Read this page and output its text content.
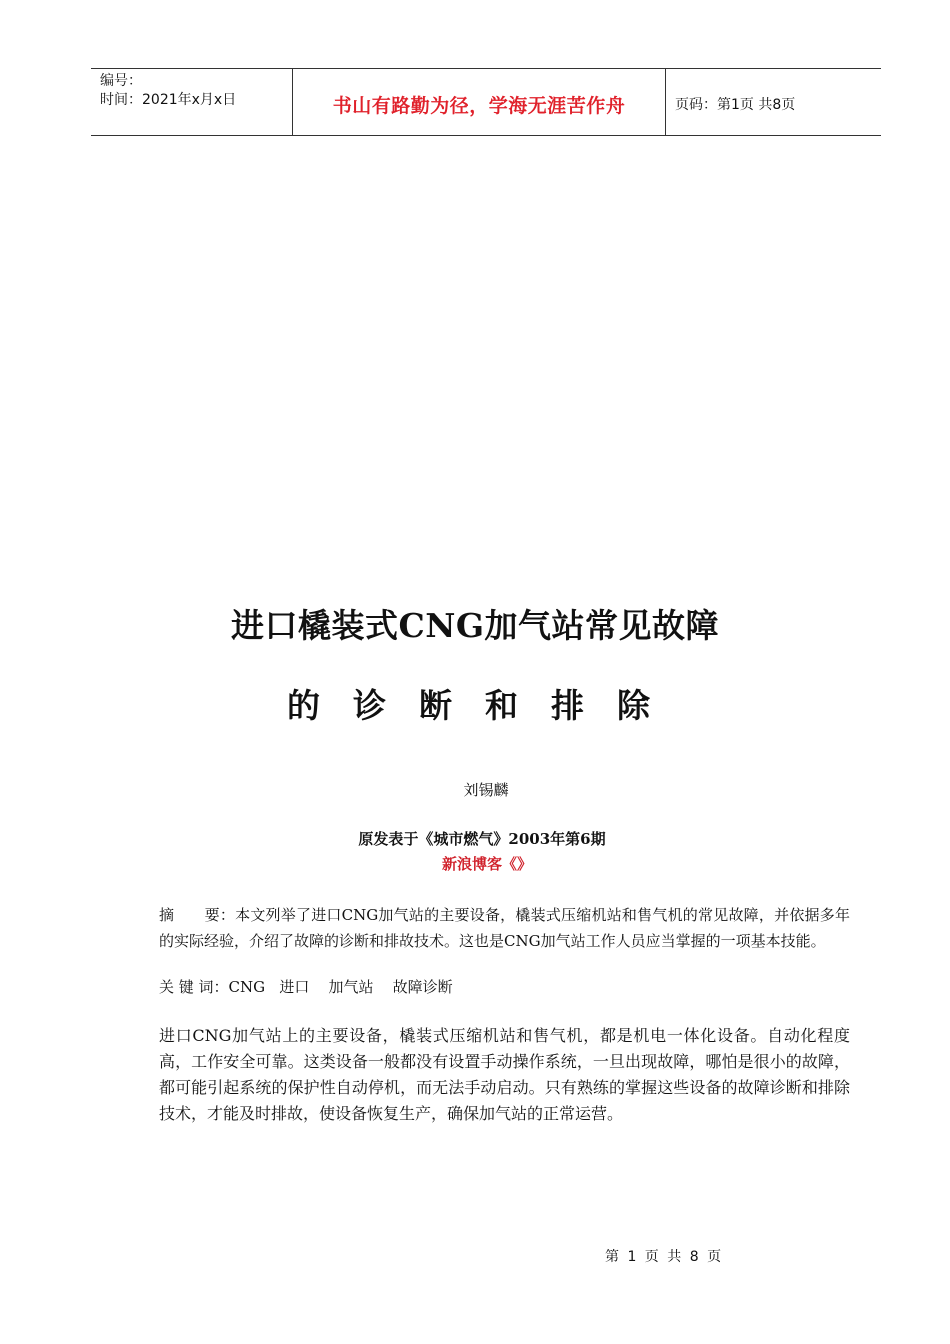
编号：
时间：2021年x月x日	书山有路勤为径，学海无涯苦作舟	页码：第1页 共8页
进口橇装式CNG加气站常见故障
的诊断和排除
刘锡麟
原发表于《城市燃气》2003年第6期
新浪博客《》
摘　　要：本文列举了进口CNG加气站的主要设备，橇装式压缩机站和售气机的常见故障，并依据多年的实际经验，介绍了故障的诊断和排故技术。这也是CNG加气站工作人员应当掌握的一项基本技能。
关 键 词：CNG   进口    加气站    故障诊断
进口CNG加气站上的主要设备，橇装式压缩机站和售气机，都是机电一体化设备。自动化程度高，工作安全可靠。这类设备一般都没有设置手动操作系统，一旦出现故障，哪怕是很小的故障，都可能引起系统的保护性自动停机，而无法手动启动。只有熟练的掌握这些设备的故障诊断和排除技术，才能及时排故，使设备恢复生产，确保加气站的正常运营。
第 1 页 共 8 页
